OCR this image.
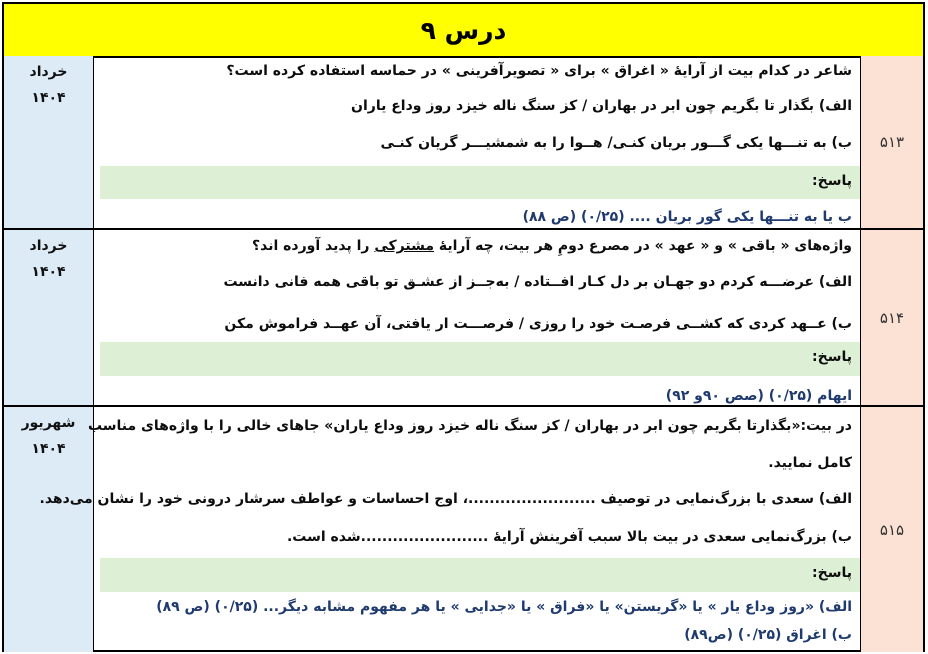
درس ۹
۵۱۳
خرداد
۱۴۰۴
شاعر در کدام بیت از آرایهٔ « اغراق » برای « تصویرآفرینی » در حماسه استفاده کرده است؟
الف) بگذار تا بگریم چون ابر در بهاران / کز سنگ ناله خیزد روز وداع یاران
ب) به تنـــها یکی گـــور بریان کنـی/ هــوا را به شمشیـــر گریان کنـی
پاسخ:
ب یا به تنـــها یکی گور بریان .... (۰/۲۵) (ص ۸۸)
۵۱۴
خرداد
۱۴۰۴
واژه‌های « باقی » و « عهد » در مصرع دومِ هر بیت، چه آرایهٔ مشترکی را پدید آورده اند؟
الف) عرضـــه کردم دو جهـان بر دل کـار افــتاده / به‌جــز از عشـق تو باقی همه فانی دانست
ب) عــهد کردی که کشــی فرصـت خود را روزی / فرصـــت ار یافتی، آن عهــد فراموش مکن
پاسخ:
ایهام (۰/۲۵) (صص ۹۰و ۹۲)
۵۱۵
شهریور
۱۴۰۴
در بیت:«بگذارتا بگریم چون ابر در بهاران / کز سنگ ناله خیزد روز وداع یاران» جاهای خالی را با واژه‌های مناسب
کامل نمایید.
الف) سعدی با بزرگ‌نمایی در توصیف ........................، اوج احساسات و عواطف سرشار درونی خود را نشان می‌دهد.
ب) بزرگ‌نمایی سعدی در بیت بالا سبب آفرینش آرایهٔ ........................شده است.
پاسخ:
الف) «روز وداع یار » یا «گریستن» یا «فراق » یا «جدایی » یا هر مفهوم مشابه دیگر... (۰/۲۵) (ص ۸۹)
ب) اغراق (۰/۲۵) (ص۸۹)
